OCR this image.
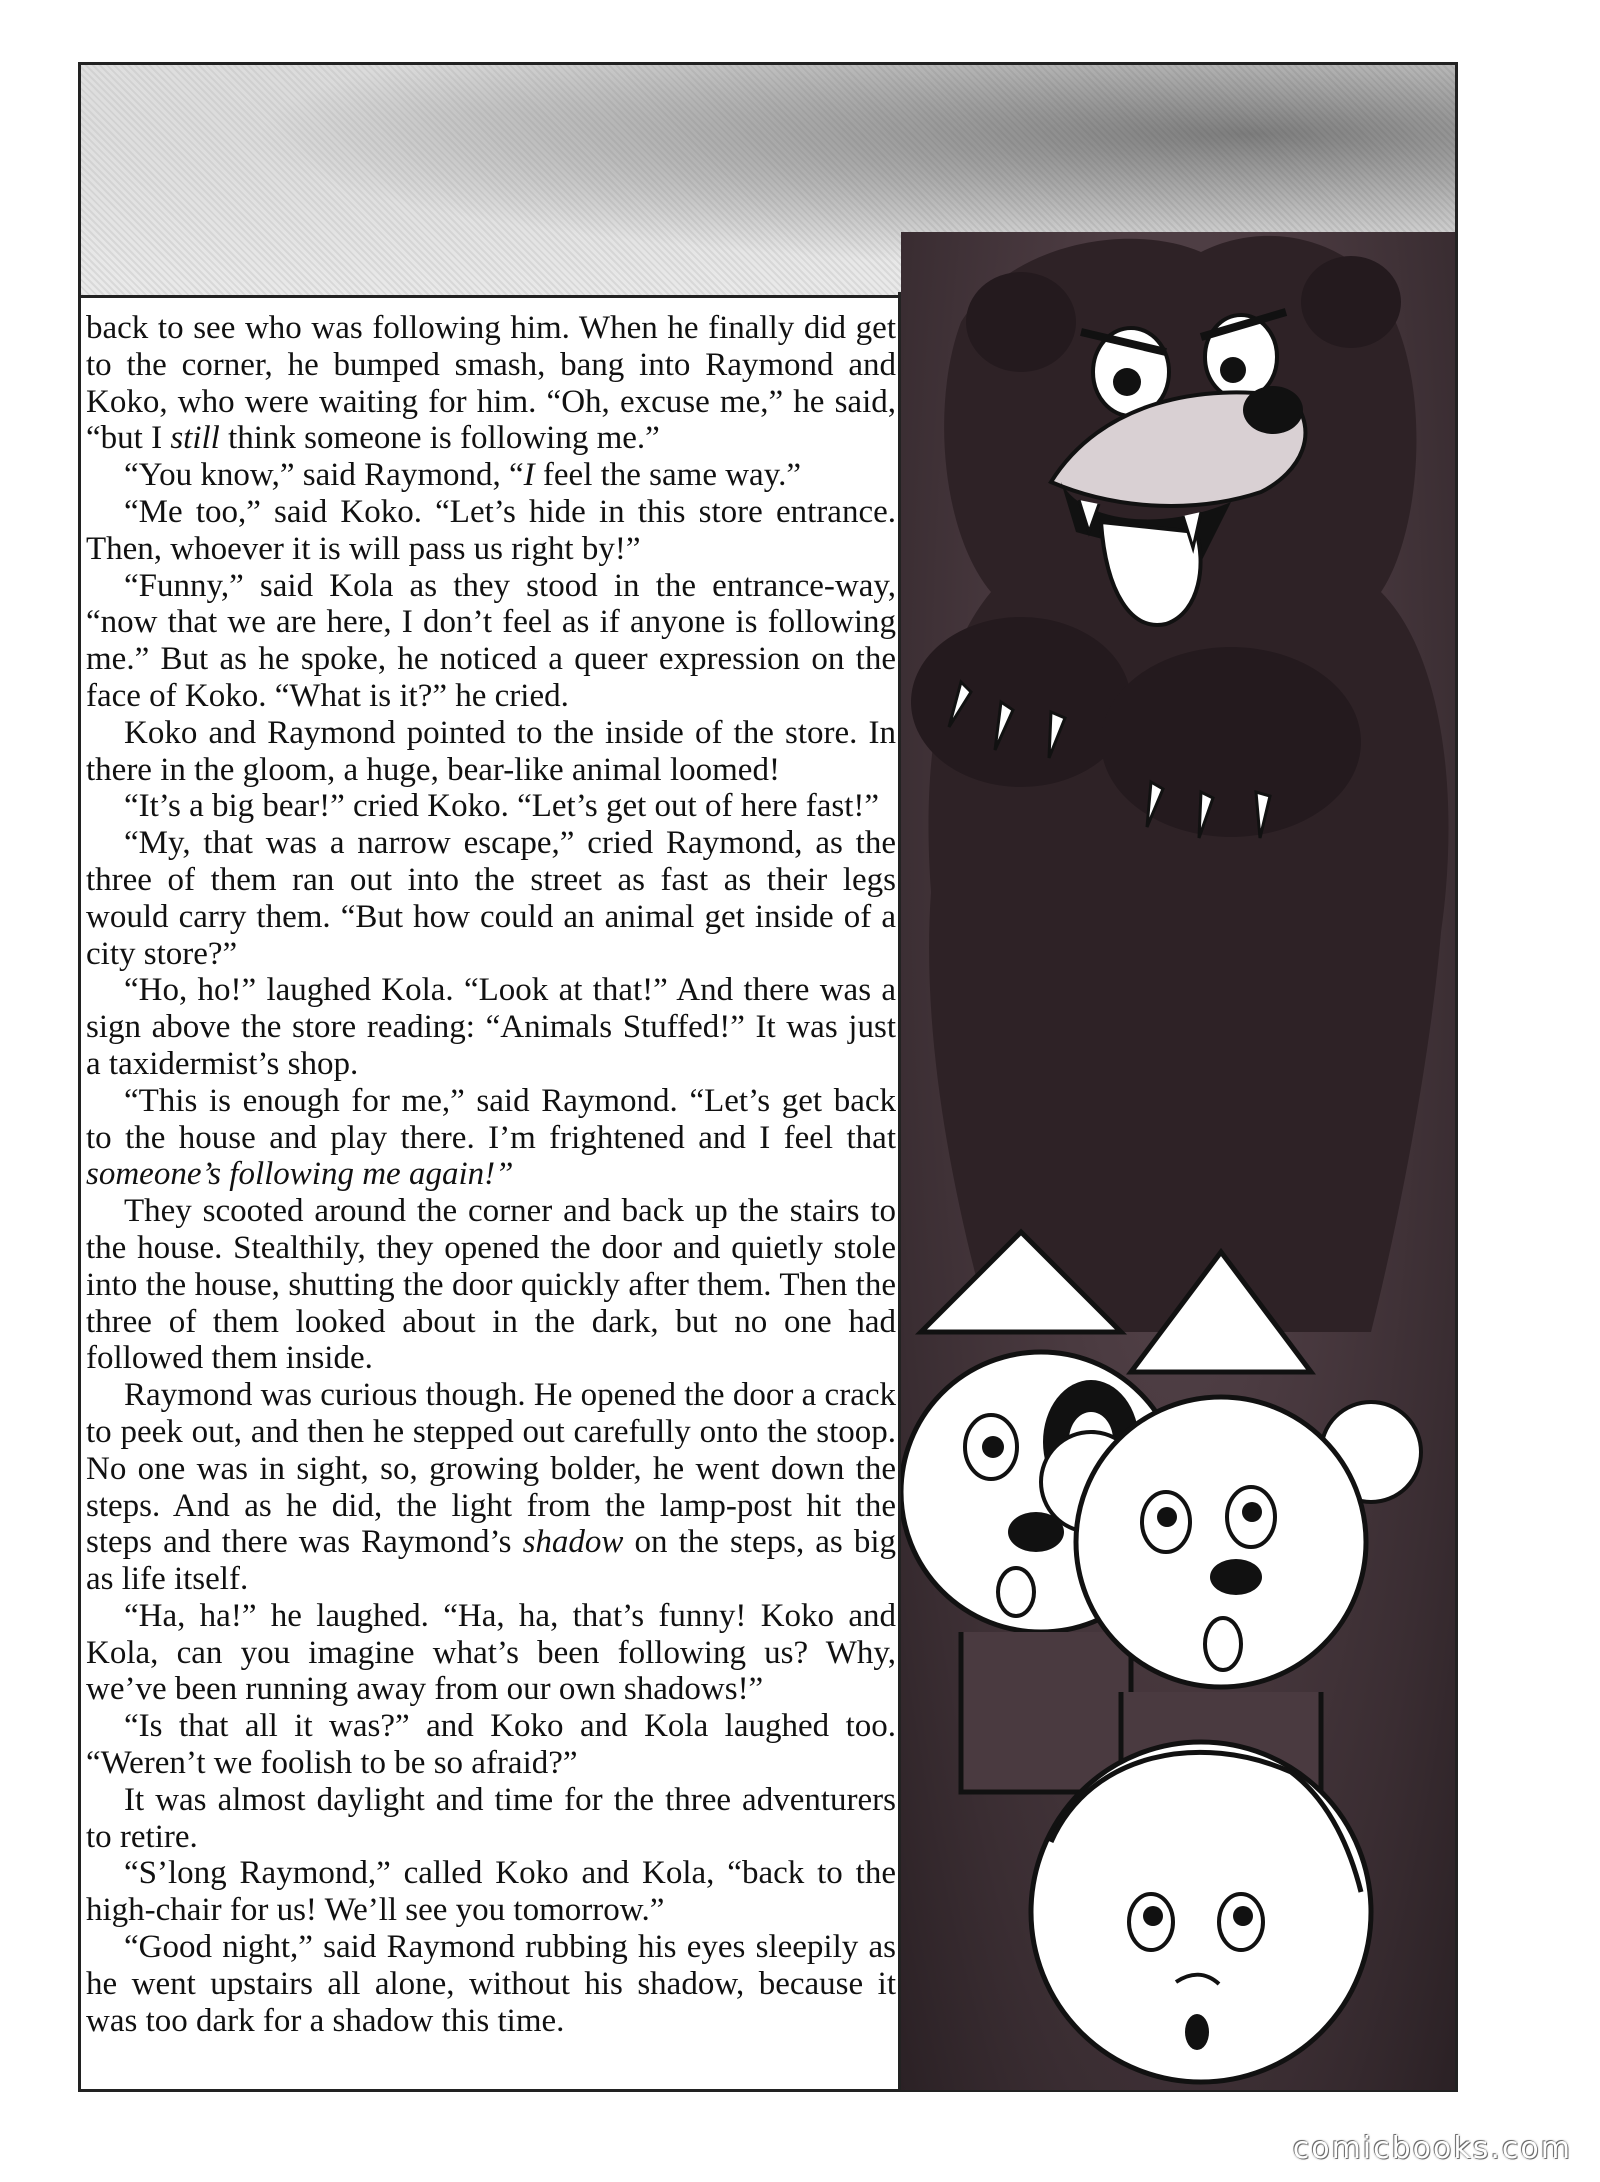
back to see who was following him. When he finally did get to the corner, he bumped smash, bang into Raymond and Koko, who were waiting for him. “Oh, excuse me,” he said, “but I still think someone is following me.”

“You know,” said Raymond, “I feel the same way.”

“Me too,” said Koko. “Let’s hide in this store entrance. Then, whoever it is will pass us right by!”

“Funny,” said Kola as they stood in the entrance-way, “now that we are here, I don’t feel as if anyone is following me.” But as he spoke, he noticed a queer expression on the face of Koko. “What is it?” he cried.

Koko and Raymond pointed to the inside of the store. In there in the gloom, a huge, bear-like animal loomed!

“It’s a big bear!” cried Koko. “Let’s get out of here fast!”

“My, that was a narrow escape,” cried Raymond, as the three of them ran out into the street as fast as their legs would carry them. “But how could an animal get inside of a city store?”

“Ho, ho!” laughed Kola. “Look at that!” And there was a sign above the store reading: “Animals Stuffed!” It was just a taxidermist’s shop.

“This is enough for me,” said Raymond. “Let’s get back to the house and play there. I’m frightened and I feel that someone’s following me again!”

They scooted around the corner and back up the stairs to the house. Stealthily, they opened the door and quietly stole into the house, shutting the door quickly after them. Then the three of them looked about in the dark, but no one had followed them inside.

Raymond was curious though. He opened the door a crack to peek out, and then he stepped out carefully onto the stoop. No one was in sight, so, growing bolder, he went down the steps. And as he did, the light from the lamp-post hit the steps and there was Raymond’s shadow on the steps, as big as life itself.

“Ha, ha!” he laughed. “Ha, ha, that’s funny! Koko and Kola, can you imagine what’s been following us? Why, we’ve been running away from our own shadows!”

“Is that all it was?” and Koko and Kola laughed too. “Weren’t we foolish to be so afraid?”

It was almost daylight and time for the three adventurers to retire.

“S’long Raymond,” called Koko and Kola, “back to the high-chair for us! We’ll see you tomorrow.”

“Good night,” said Raymond rubbing his eyes sleepily as he went upstairs all alone, without his shadow, because it was too dark for a shadow this time.

comicbooks.com
